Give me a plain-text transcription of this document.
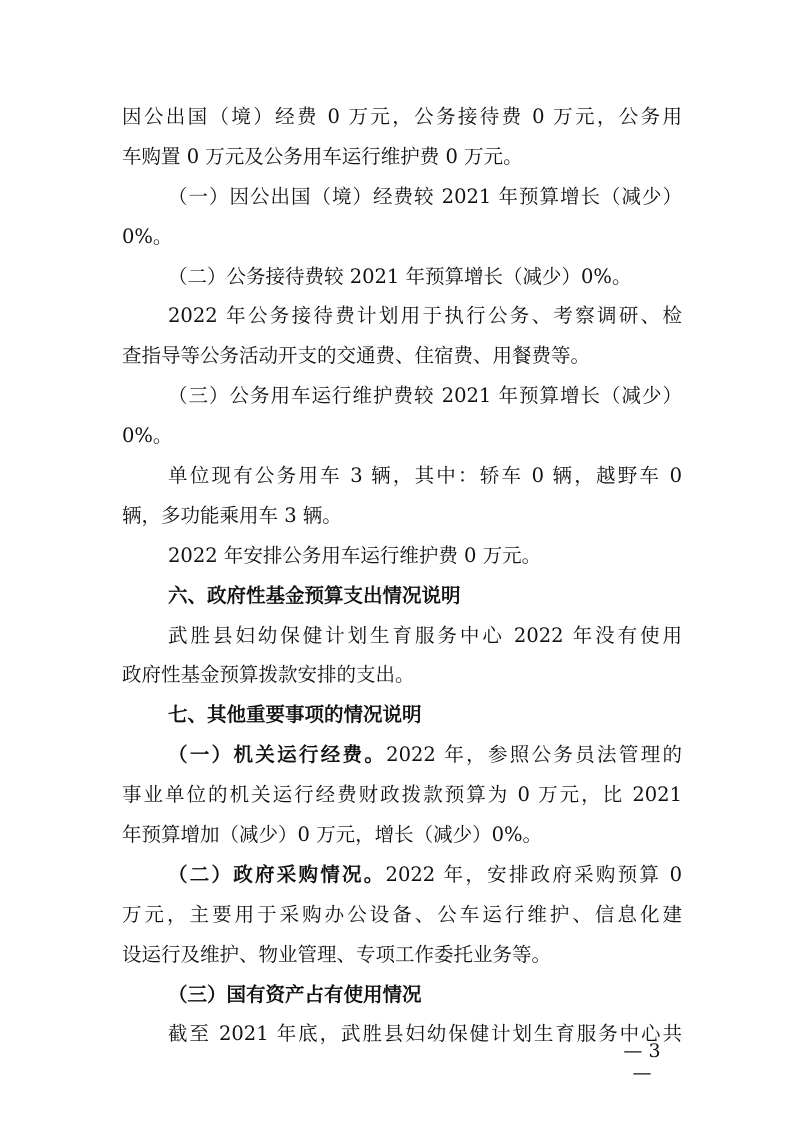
因公出国（境）经费 0 万元，公务接待费 0 万元，公务用
车购置 0 万元及公务用车运行维护费 0 万元。
（一）因公出国（境）经费较 2021 年预算增长（减少）
0%。
（二）公务接待费较 2021 年预算增长（减少）0%。
2022 年公务接待费计划用于执行公务、考察调研、检
查指导等公务活动开支的交通费、住宿费、用餐费等。
（三）公务用车运行维护费较 2021 年预算增长（减少）
0%。
单位现有公务用车 3 辆，其中：轿车 0 辆，越野车 0
辆，多功能乘用车 3 辆。
2022 年安排公务用车运行维护费 0 万元。
六、政府性基金预算支出情况说明
武胜县妇幼保健计划生育服务中心 2022 年没有使用
政府性基金预算拨款安排的支出。
七、其他重要事项的情况说明
（一）机关运行经费。2022 年，参照公务员法管理的
事业单位的机关运行经费财政拨款预算为 0 万元，比 2021
年预算增加（减少）0 万元，增长（减少）0%。
（二）政府采购情况。2022 年，安排政府采购预算 0
万元，主要用于采购办公设备、公车运行维护、信息化建
设运行及维护、物业管理、专项工作委托业务等。
（三）国有资产占有使用情况
截至 2021 年底，武胜县妇幼保健计划生育服务中心共
— 3 —
